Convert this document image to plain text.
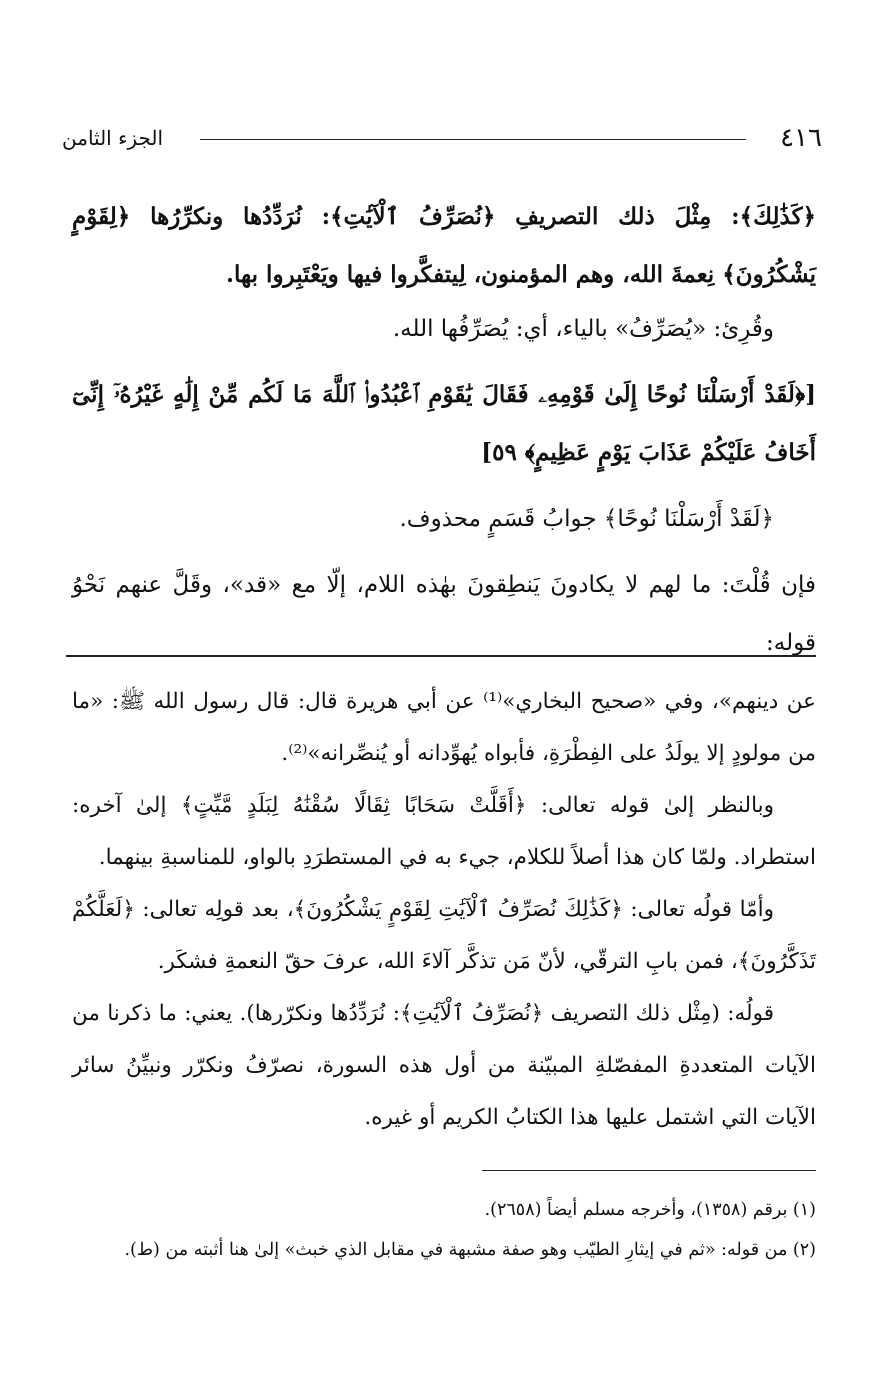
٤١٦
الجزء الثامن

﴿كَذَٰلِكَ﴾: مِثْلَ ذلك التصريفِ ﴿نُصَرِّفُ ٱلْآيَٰتِ﴾: نُرَدِّدُها ونكرِّرُها ﴿لِقَوْمٍ يَشْكُرُونَ﴾ نِعمةَ الله، وهم المؤمنون، لِيتفكَّروا فيها ويَعْتَبِروا بها.

وقُرِئ: «يُصَرِّفُ» بالياء، أي: يُصَرِّفُها الله.

[﴿لَقَدْ أَرْسَلْنَا نُوحًا إِلَىٰ قَوْمِهِۦ فَقَالَ يَٰقَوْمِ ٱعْبُدُوا۟ ٱللَّهَ مَا لَكُم مِّنْ إِلَٰهٍ غَيْرُهُۥٓ إِنِّىٓ أَخَافُ عَلَيْكُمْ عَذَابَ يَوْمٍ عَظِيمٍ﴾ ٥٩]

﴿لَقَدْ أَرْسَلْنَا نُوحًا﴾ جوابُ قَسَمٍ محذوف.

فإن قُلْتَ: ما لهم لا يكادونَ يَنطِقونَ بهٰذه اللام، إلّا مع «قد»، وقَلَّ عنهم نَحْوُ قوله:

عن دينهم»، وفي «صحيح البخاري»⁽¹⁾ عن أبي هريرة قال: قال رسول الله ﷺ: «ما من مولودٍ إلا يولَدُ على الفِطْرَةِ، فأبواه يُهوِّدانه أو يُنصِّرانه»⁽²⁾.

وبالنظر إلىٰ قوله تعالى: ﴿أَقَلَّتْ سَحَابًا ثِقَالًا سُقْنَٰهُ لِبَلَدٍ مَّيِّتٍ﴾ إلىٰ آخره: استطراد. ولمّا كان هذا أصلاً للكلام، جيء به في المستطرَدِ بالواو، للمناسبةِ بينهما.

وأمّا قولُه تعالى: ﴿كَذَٰلِكَ نُصَرِّفُ ٱلْآيَٰتِ لِقَوْمٍ يَشْكُرُونَ﴾، بعد قولِه تعالى: ﴿لَعَلَّكُمْ تَذَكَّرُونَ﴾، فمن بابِ الترقّي، لأنّ مَن تذكَّر آلاءَ الله، عرفَ حقّ النعمةِ فشكَر.

قولُه: (مِثْل ذلك التصريف ﴿نُصَرِّفُ ٱلْآيَٰتِ﴾: نُرَدِّدُها ونكرّرها). يعني: ما ذكرنا من الآيات المتعددةِ المفصّلةِ المبيّنة من أول هذه السورة، نصرّفُ ونكرّر ونبيِّنُ سائر الآيات التي اشتمل عليها هذا الكتابُ الكريم أو غيره.

(١) برقم (١٣٥٨)، وأخرجه مسلم أيضاً (٢٦٥٨).

(٢) من قوله: «ثم في إيثارِ الطيّب وهو صفة مشبهة في مقابل الذي خبث» إلىٰ هنا أثبته من (ط).
